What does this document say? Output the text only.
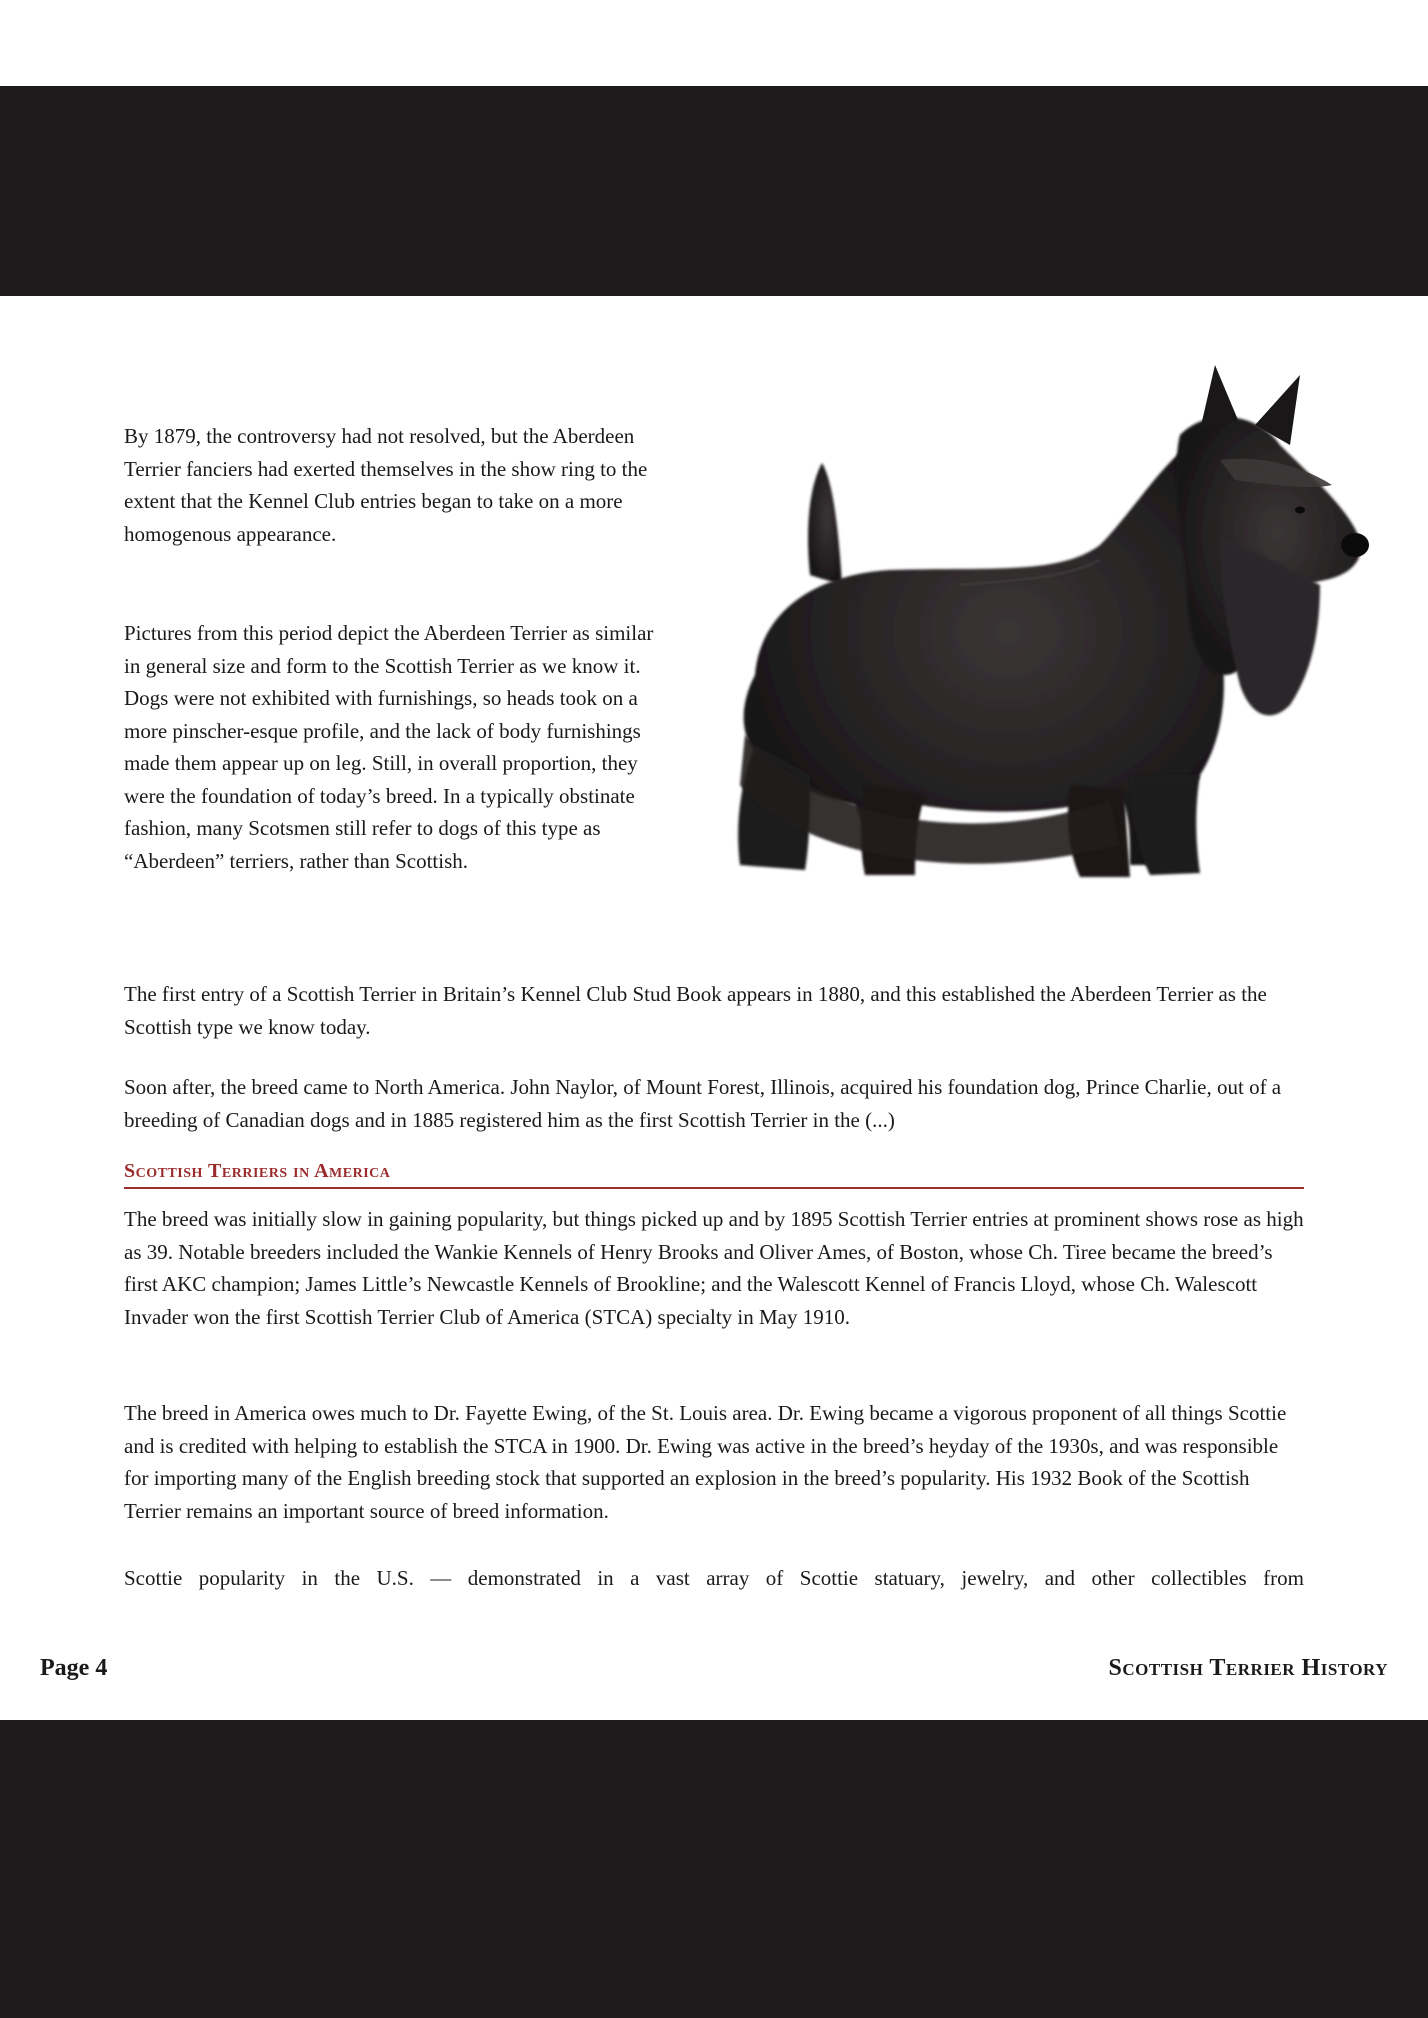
By 1879, the controversy had not resolved, but the Aberdeen Terrier fanciers had exerted themselves in the show ring to the extent that the Kennel Club entries began to take on a more homogenous appearance.

Pictures from this period depict the Aberdeen Terrier as similar in general size and form to the Scottish Terrier as we know it. Dogs were not exhibited with furnishings, so heads took on a more pinscher-esque profile, and the lack of body furnishings made them appear up on leg. Still, in overall proportion, they were the foundation of today’s breed. In a typically obstinate fashion, many Scotsmen still refer to dogs of this type as “Aberdeen” terriers, rather than Scottish.

The first entry of a Scottish Terrier in Britain’s Kennel Club Stud Book appears in 1880, and this established the Aberdeen Terrier as the Scottish type we know today.

Soon after, the breed came to North America. John Naylor, of Mount Forest, Illinois, acquired his foundation dog, Prince Charlie, out of a breeding of Canadian dogs and in 1885 registered him as the first Scottish Terrier in the (...)

Scottish Terriers in America

The breed was initially slow in gaining popularity, but things picked up and by 1895 Scottish Terrier entries at prominent shows rose as high as 39. Notable breeders included the Wankie Kennels of Henry Brooks and Oliver Ames, of Boston, whose Ch. Tiree became the breed’s first AKC champion; James Little’s Newcastle Kennels of Brookline; and the Walescott Kennel of Francis Lloyd, whose Ch. Walescott Invader won the first Scottish Terrier Club of America (STCA) specialty in May 1910.

The breed in America owes much to Dr. Fayette Ewing, of the St. Louis area. Dr. Ewing became a vigorous proponent of all things Scottie and is credited with helping to establish the STCA in 1900. Dr. Ewing was active in the breed’s heyday of the 1930s, and was responsible for importing many of the English breeding stock that supported an explosion in the breed’s popularity. His 1932 Book of the Scottish Terrier remains an important source of breed information.

Scottie popularity in the U.S. — demonstrated in a vast array of Scottie statuary, jewelry, and other collectibles from

Page 4	Scottish Terrier History
